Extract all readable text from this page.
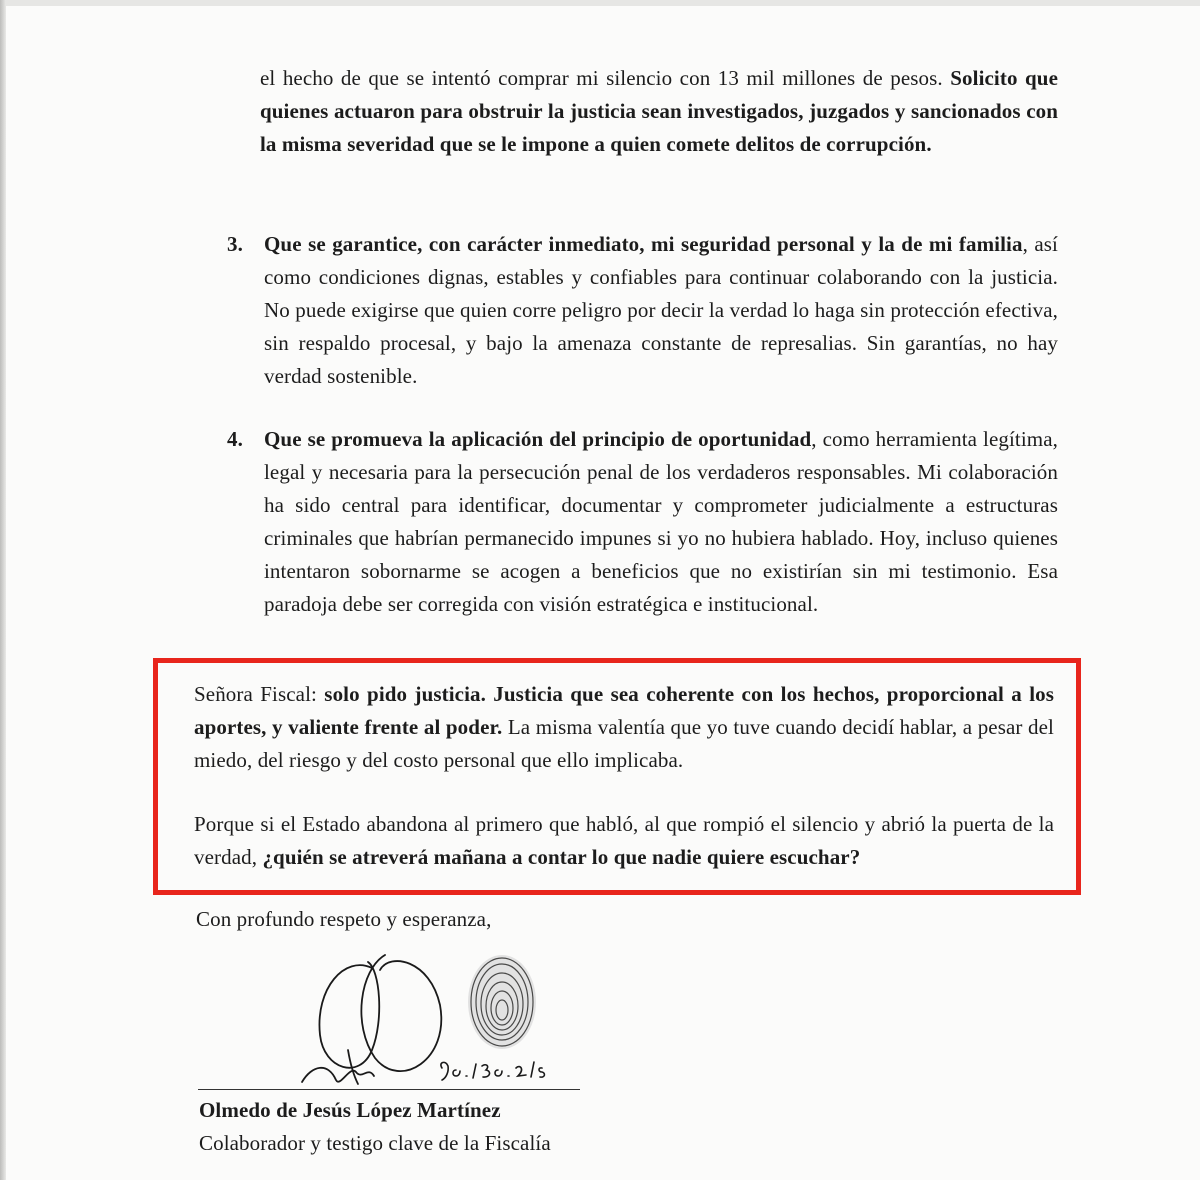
el hecho de que se intentó comprar mi silencio con 13 mil millones de pesos. Solicito que quienes actuaron para obstruir la justicia sean investigados, juzgados y sancionados con la misma severidad que se le impone a quien comete delitos de corrupción.

3.	Que se garantice, con carácter inmediato, mi seguridad personal y la de mi familia, así como condiciones dignas, estables y confiables para continuar colaborando con la justicia. No puede exigirse que quien corre peligro por decir la verdad lo haga sin protección efectiva, sin respaldo procesal, y bajo la amenaza constante de represalias. Sin garantías, no hay verdad sostenible.
4.	Que se promueva la aplicación del principio de oportunidad, como herramienta legítima, legal y necesaria para la persecución penal de los verdaderos responsables. Mi colaboración ha sido central para identificar, documentar y comprometer judicialmente a estructuras criminales que habrían permanecido impunes si yo no hubiera hablado. Hoy, incluso quienes intentaron sobornarme se acogen a beneficios que no existirían sin mi testimonio. Esa paradoja debe ser corregida con visión estratégica e institucional.

Señora Fiscal: solo pido justicia. Justicia que sea coherente con los hechos, proporcional a los aportes, y valiente frente al poder. La misma valentía que yo tuve cuando decidí hablar, a pesar del miedo, del riesgo y del costo personal que ello implicaba.

Porque si el Estado abandona al primero que habló, al que rompió el silencio y abrió la puerta de la verdad, ¿quién se atreverá mañana a contar lo que nadie quiere escuchar?

Con profundo respeto y esperanza,
Olmedo de Jesús López Martínez
Colaborador y testigo clave de la Fiscalía
